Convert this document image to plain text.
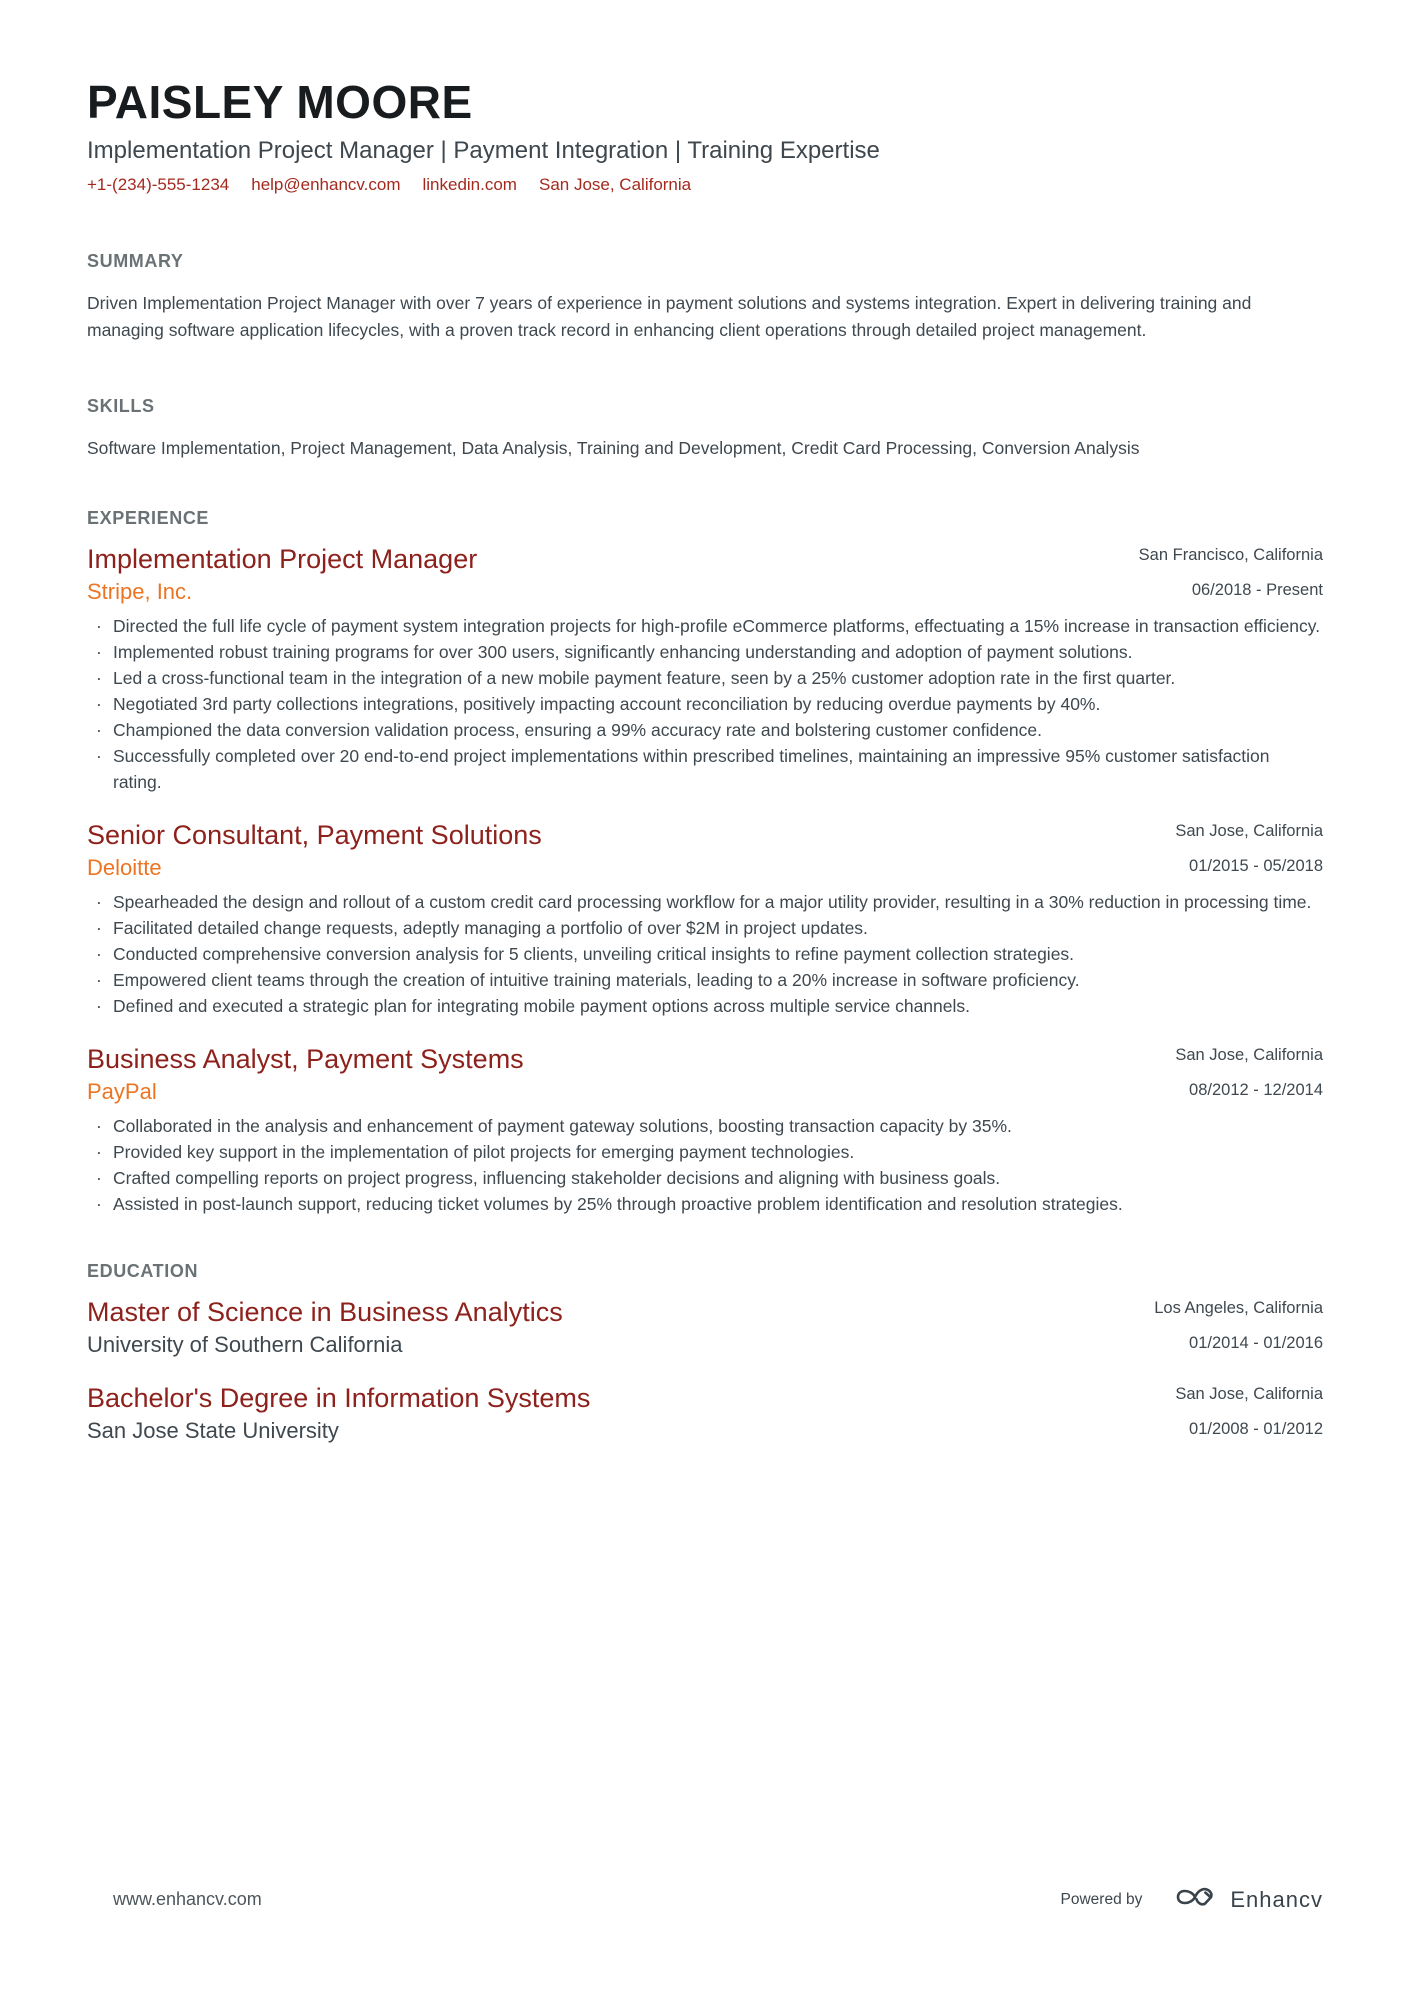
PAISLEY MOORE
Implementation Project Manager | Payment Integration | Training Expertise
+1-(234)-555-1234 help@enhancv.com linkedin.com San Jose, California
SUMMARY

Driven Implementation Project Manager with over 7 years of experience in payment solutions and systems integration. Expert in delivering training and managing software application lifecycles, with a proven track record in enhancing client operations through detailed project management.

SKILLS

Software Implementation, Project Management, Data Analysis, Training and Development, Credit Card Processing, Conversion Analysis

EXPERIENCE
Implementation Project Manager
Stripe, Inc.
San Francisco, California
06/2018 - Present
· Directed the full life cycle of payment system integration projects for high-profile eCommerce platforms, effectuating a 15% increase in transaction efficiency.
· Implemented robust training programs for over 300 users, significantly enhancing understanding and adoption of payment solutions.
· Led a cross-functional team in the integration of a new mobile payment feature, seen by a 25% customer adoption rate in the first quarter.
· Negotiated 3rd party collections integrations, positively impacting account reconciliation by reducing overdue payments by 40%.
· Championed the data conversion validation process, ensuring a 99% accuracy rate and bolstering customer confidence.
· Successfully completed over 20 end-to-end project implementations within prescribed timelines, maintaining an impressive 95% customer satisfaction rating.
Senior Consultant, Payment Solutions
Deloitte
San Jose, California
01/2015 - 05/2018
· Spearheaded the design and rollout of a custom credit card processing workflow for a major utility provider, resulting in a 30% reduction in processing time.
· Facilitated detailed change requests, adeptly managing a portfolio of over $2M in project updates.
· Conducted comprehensive conversion analysis for 5 clients, unveiling critical insights to refine payment collection strategies.
· Empowered client teams through the creation of intuitive training materials, leading to a 20% increase in software proficiency.
· Defined and executed a strategic plan for integrating mobile payment options across multiple service channels.
Business Analyst, Payment Systems
PayPal
San Jose, California
08/2012 - 12/2014
· Collaborated in the analysis and enhancement of payment gateway solutions, boosting transaction capacity by 35%.
· Provided key support in the implementation of pilot projects for emerging payment technologies.
· Crafted compelling reports on project progress, influencing stakeholder decisions and aligning with business goals.
· Assisted in post-launch support, reducing ticket volumes by 25% through proactive problem identification and resolution strategies.
EDUCATION
Master of Science in Business Analytics
University of Southern California
Los Angeles, California
01/2014 - 01/2016
Bachelor's Degree in Information Systems
San Jose State University
San Jose, California
01/2008 - 01/2012
www.enhancv.com	Powered by	Enhancv
